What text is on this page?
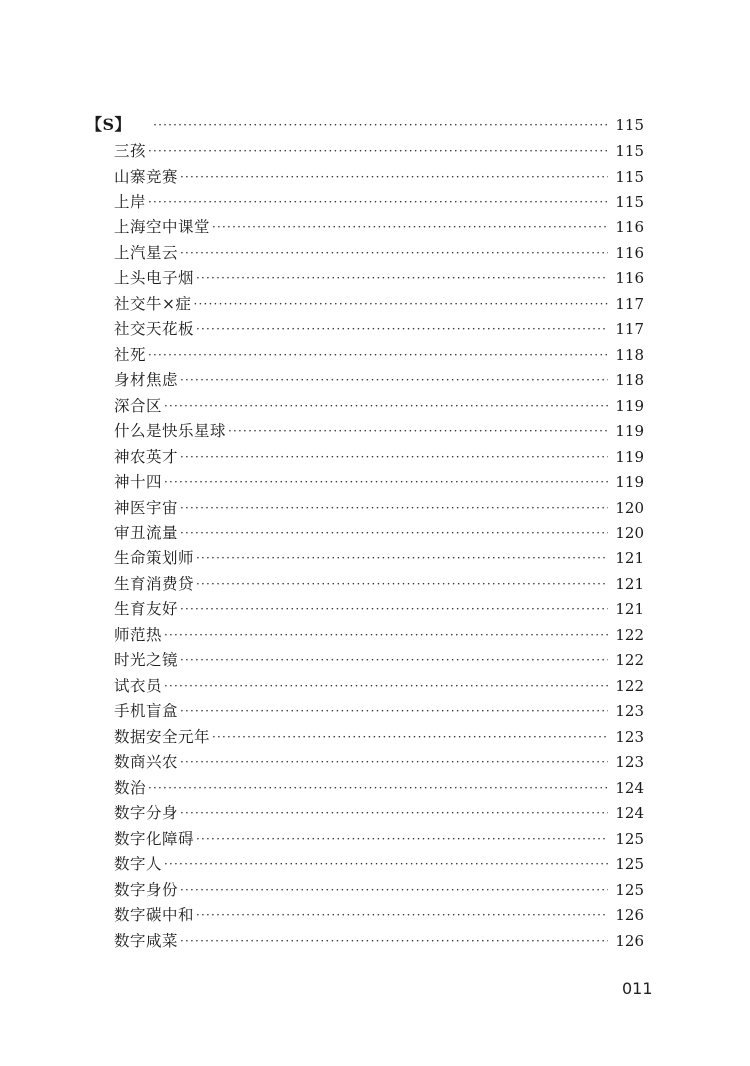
【S】 ·····	115
三孩 ·····	115
山寨竞赛 ·····	115
上岸 ·····	115
上海空中课堂 ·····	116
上汽星云 ·····	116
上头电子烟 ·····	116
社交牛×症 ·····	117
社交天花板 ·····	117
社死 ·····	118
身材焦虑 ·····	118
深合区 ·····	119
什么是快乐星球 ·····	119
神农英才 ·····	119
神十四 ·····	119
神医宇宙 ·····	120
审丑流量 ·····	120
生命策划师 ·····	121
生育消费贷 ·····	121
生育友好 ·····	121
师范热 ·····	122
时光之镜 ·····	122
试衣员 ·····	122
手机盲盒 ·····	123
数据安全元年 ·····	123
数商兴农 ·····	123
数治 ·····	124
数字分身 ·····	124
数字化障碍 ·····	125
数字人 ·····	125
数字身份 ·····	125
数字碳中和 ·····	126
数字咸菜 ·····	126
011
